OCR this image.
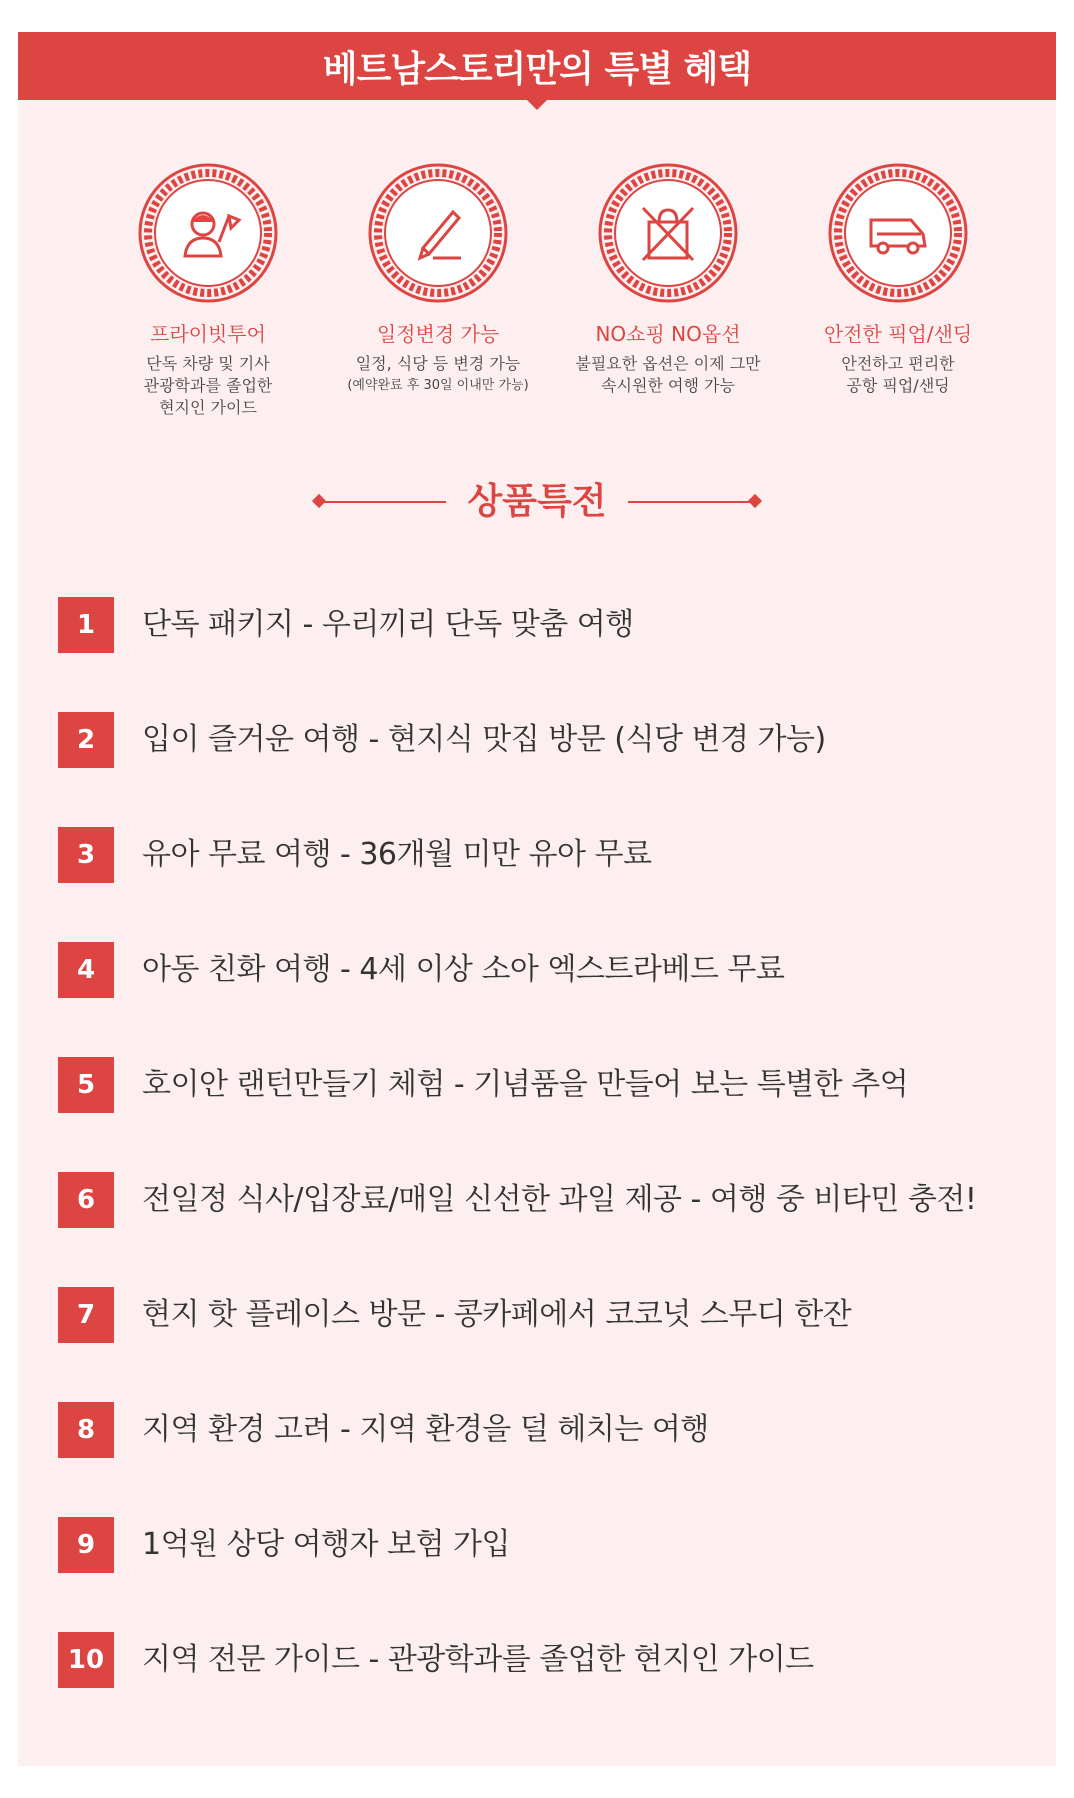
베트남스토리만의 특별 혜택
프라이빗투어
단독 차량 및 기사
관광학과를 졸업한
현지인 가이드
일정변경 가능
일정, 식당 등 변경 가능
(예약완료 후 30일 이내만 가능)
NO쇼핑 NO옵션
불필요한 옵션은 이제 그만
속시원한 여행 가능
안전한 픽업/샌딩
안전하고 편리한
공항 픽업/샌딩
상품특전
1	단독 패키지 - 우리끼리 단독 맞춤 여행
2	입이 즐거운 여행 - 현지식 맛집 방문 (식당 변경 가능)
3	유아 무료 여행 - 36개월 미만 유아 무료
4	아동 친화 여행 - 4세 이상 소아 엑스트라베드 무료
5	호이안 랜턴만들기 체험 - 기념품을 만들어 보는 특별한 추억
6	전일정 식사/입장료/매일 신선한 과일 제공 - 여행 중 비타민 충전!
7	현지 핫 플레이스 방문 - 콩카페에서 코코넛 스무디 한잔
8	지역 환경 고려 - 지역 환경을 덜 헤치는 여행
9	1억원 상당 여행자 보험 가입
10	지역 전문 가이드 - 관광학과를 졸업한 현지인 가이드
